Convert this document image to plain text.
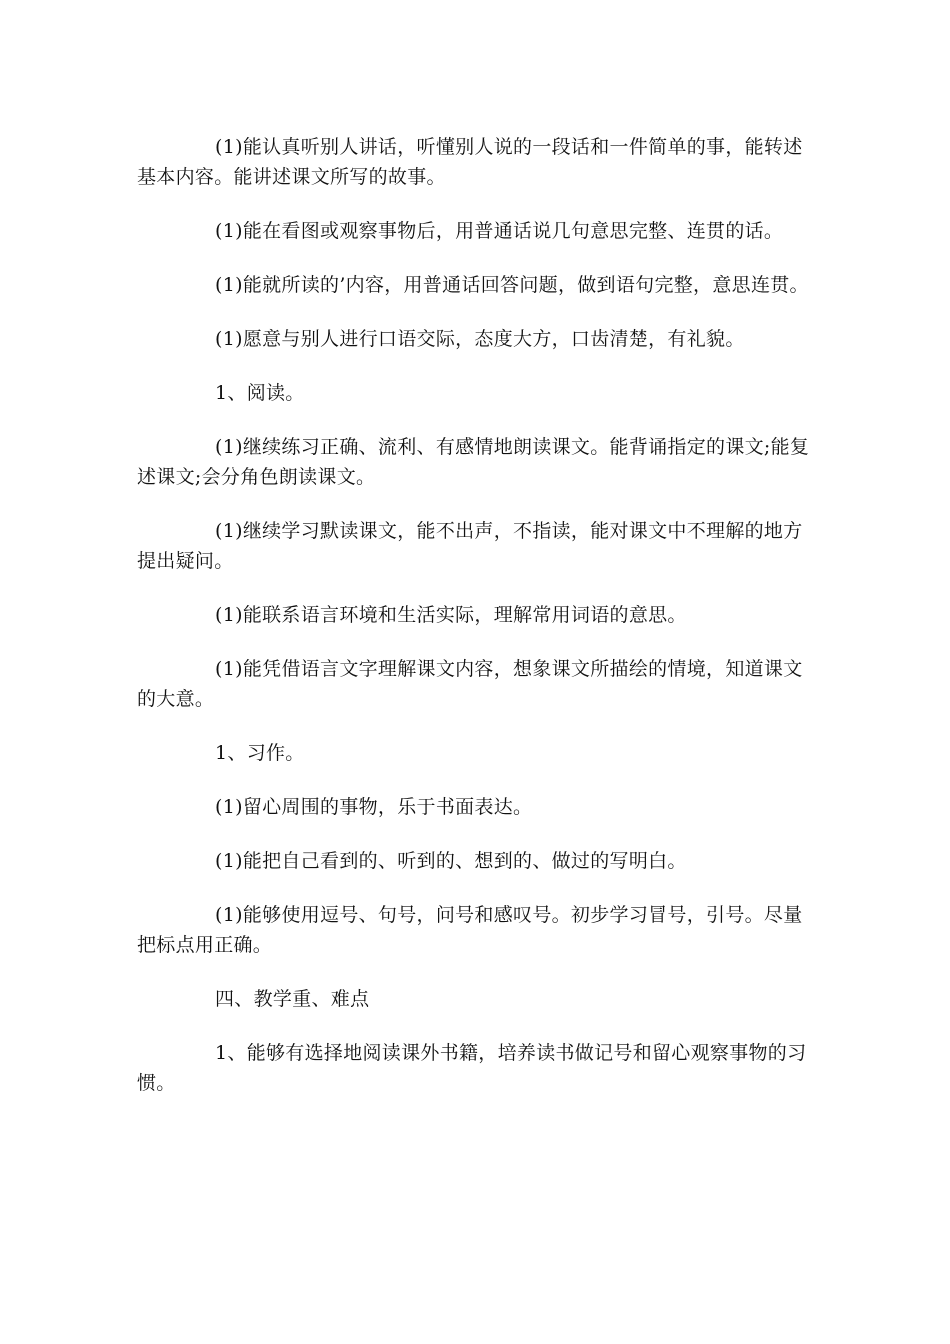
(1)能认真听别人讲话，听懂别人说的一段话和一件简单的事，能转述基本内容。能讲述课文所写的故事。

(1)能在看图或观察事物后，用普通话说几句意思完整、连贯的话。

(1)能就所读的’内容，用普通话回答问题，做到语句完整，意思连贯。

(1)愿意与别人进行口语交际，态度大方，口齿清楚，有礼貌。

1、阅读。

(1)继续练习正确、流利、有感情地朗读课文。能背诵指定的课文;能复述课文;会分角色朗读课文。

(1)继续学习默读课文，能不出声，不指读，能对课文中不理解的地方提出疑问。

(1)能联系语言环境和生活实际，理解常用词语的意思。

(1)能凭借语言文字理解课文内容，想象课文所描绘的情境，知道课文的大意。

1、习作。

(1)留心周围的事物，乐于书面表达。

(1)能把自己看到的、听到的、想到的、做过的写明白。

(1)能够使用逗号、句号，问号和感叹号。初步学习冒号，引号。尽量把标点用正确。

四、教学重、难点

1、能够有选择地阅读课外书籍，培养读书做记号和留心观察事物的习惯。
